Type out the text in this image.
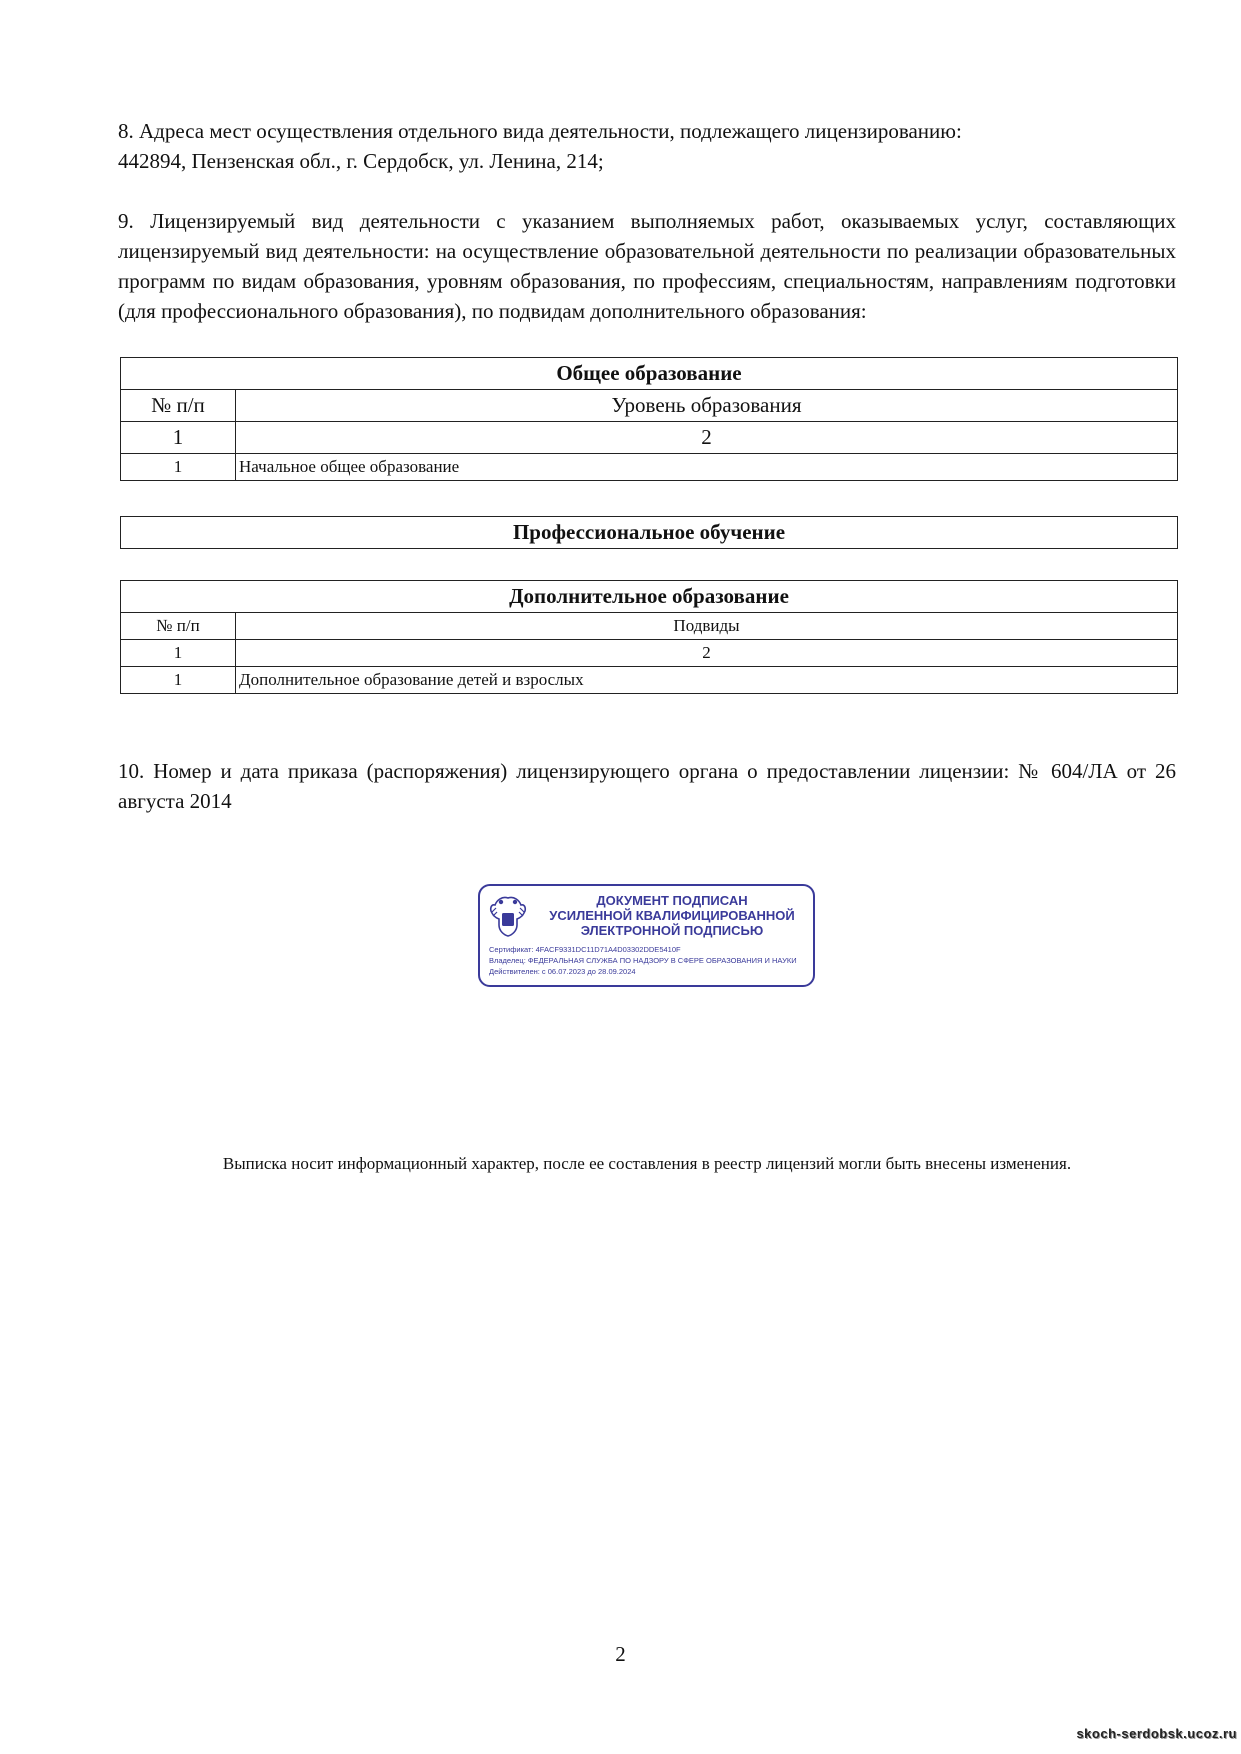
8. Адреса мест осуществления отдельного вида деятельности, подлежащего лицензированию:

442894, Пензенская обл., г. Сердобск, ул. Ленина, 214;

9. Лицензируемый вид деятельности с указанием выполняемых работ, оказываемых услуг, составляющих лицензируемый вид деятельности: на осуществление образовательной деятельности по реализации образовательных программ по видам образования, уровням образования, по профессиям, специальностям, направлениям подготовки (для профессионального образования), по подвидам дополнительного образования:

Общее образование	
№ п/п	Уровень образования
1	2
1	Начальное общее образование
Профессиональное обучение
Дополнительное образование	
№ п/п	Подвиды
1	2
1	Дополнительное образование детей и взрослых

10. Номер и дата приказа (распоряжения) лицензирующего органа о предоставлении лицензии: № 604/ЛА от 26 августа 2014

ДОКУМЕНТ ПОДПИСАН
УСИЛЕННОЙ КВАЛИФИЦИРОВАННОЙ
ЭЛЕКТРОННОЙ ПОДПИСЬЮ
Сертификат: 4FACF9331DC11D71A4D03302DDE5410F
Владелец: ФЕДЕРАЛЬНАЯ СЛУЖБА ПО НАДЗОРУ В СФЕРЕ ОБРАЗОВАНИЯ И НАУКИ
Действителен: с 06.07.2023 до 28.09.2024

Выписка носит информационный характер, после ее составления в реестр лицензий могли быть внесены изменения.

2
skoch-serdobsk.ucoz.ru
